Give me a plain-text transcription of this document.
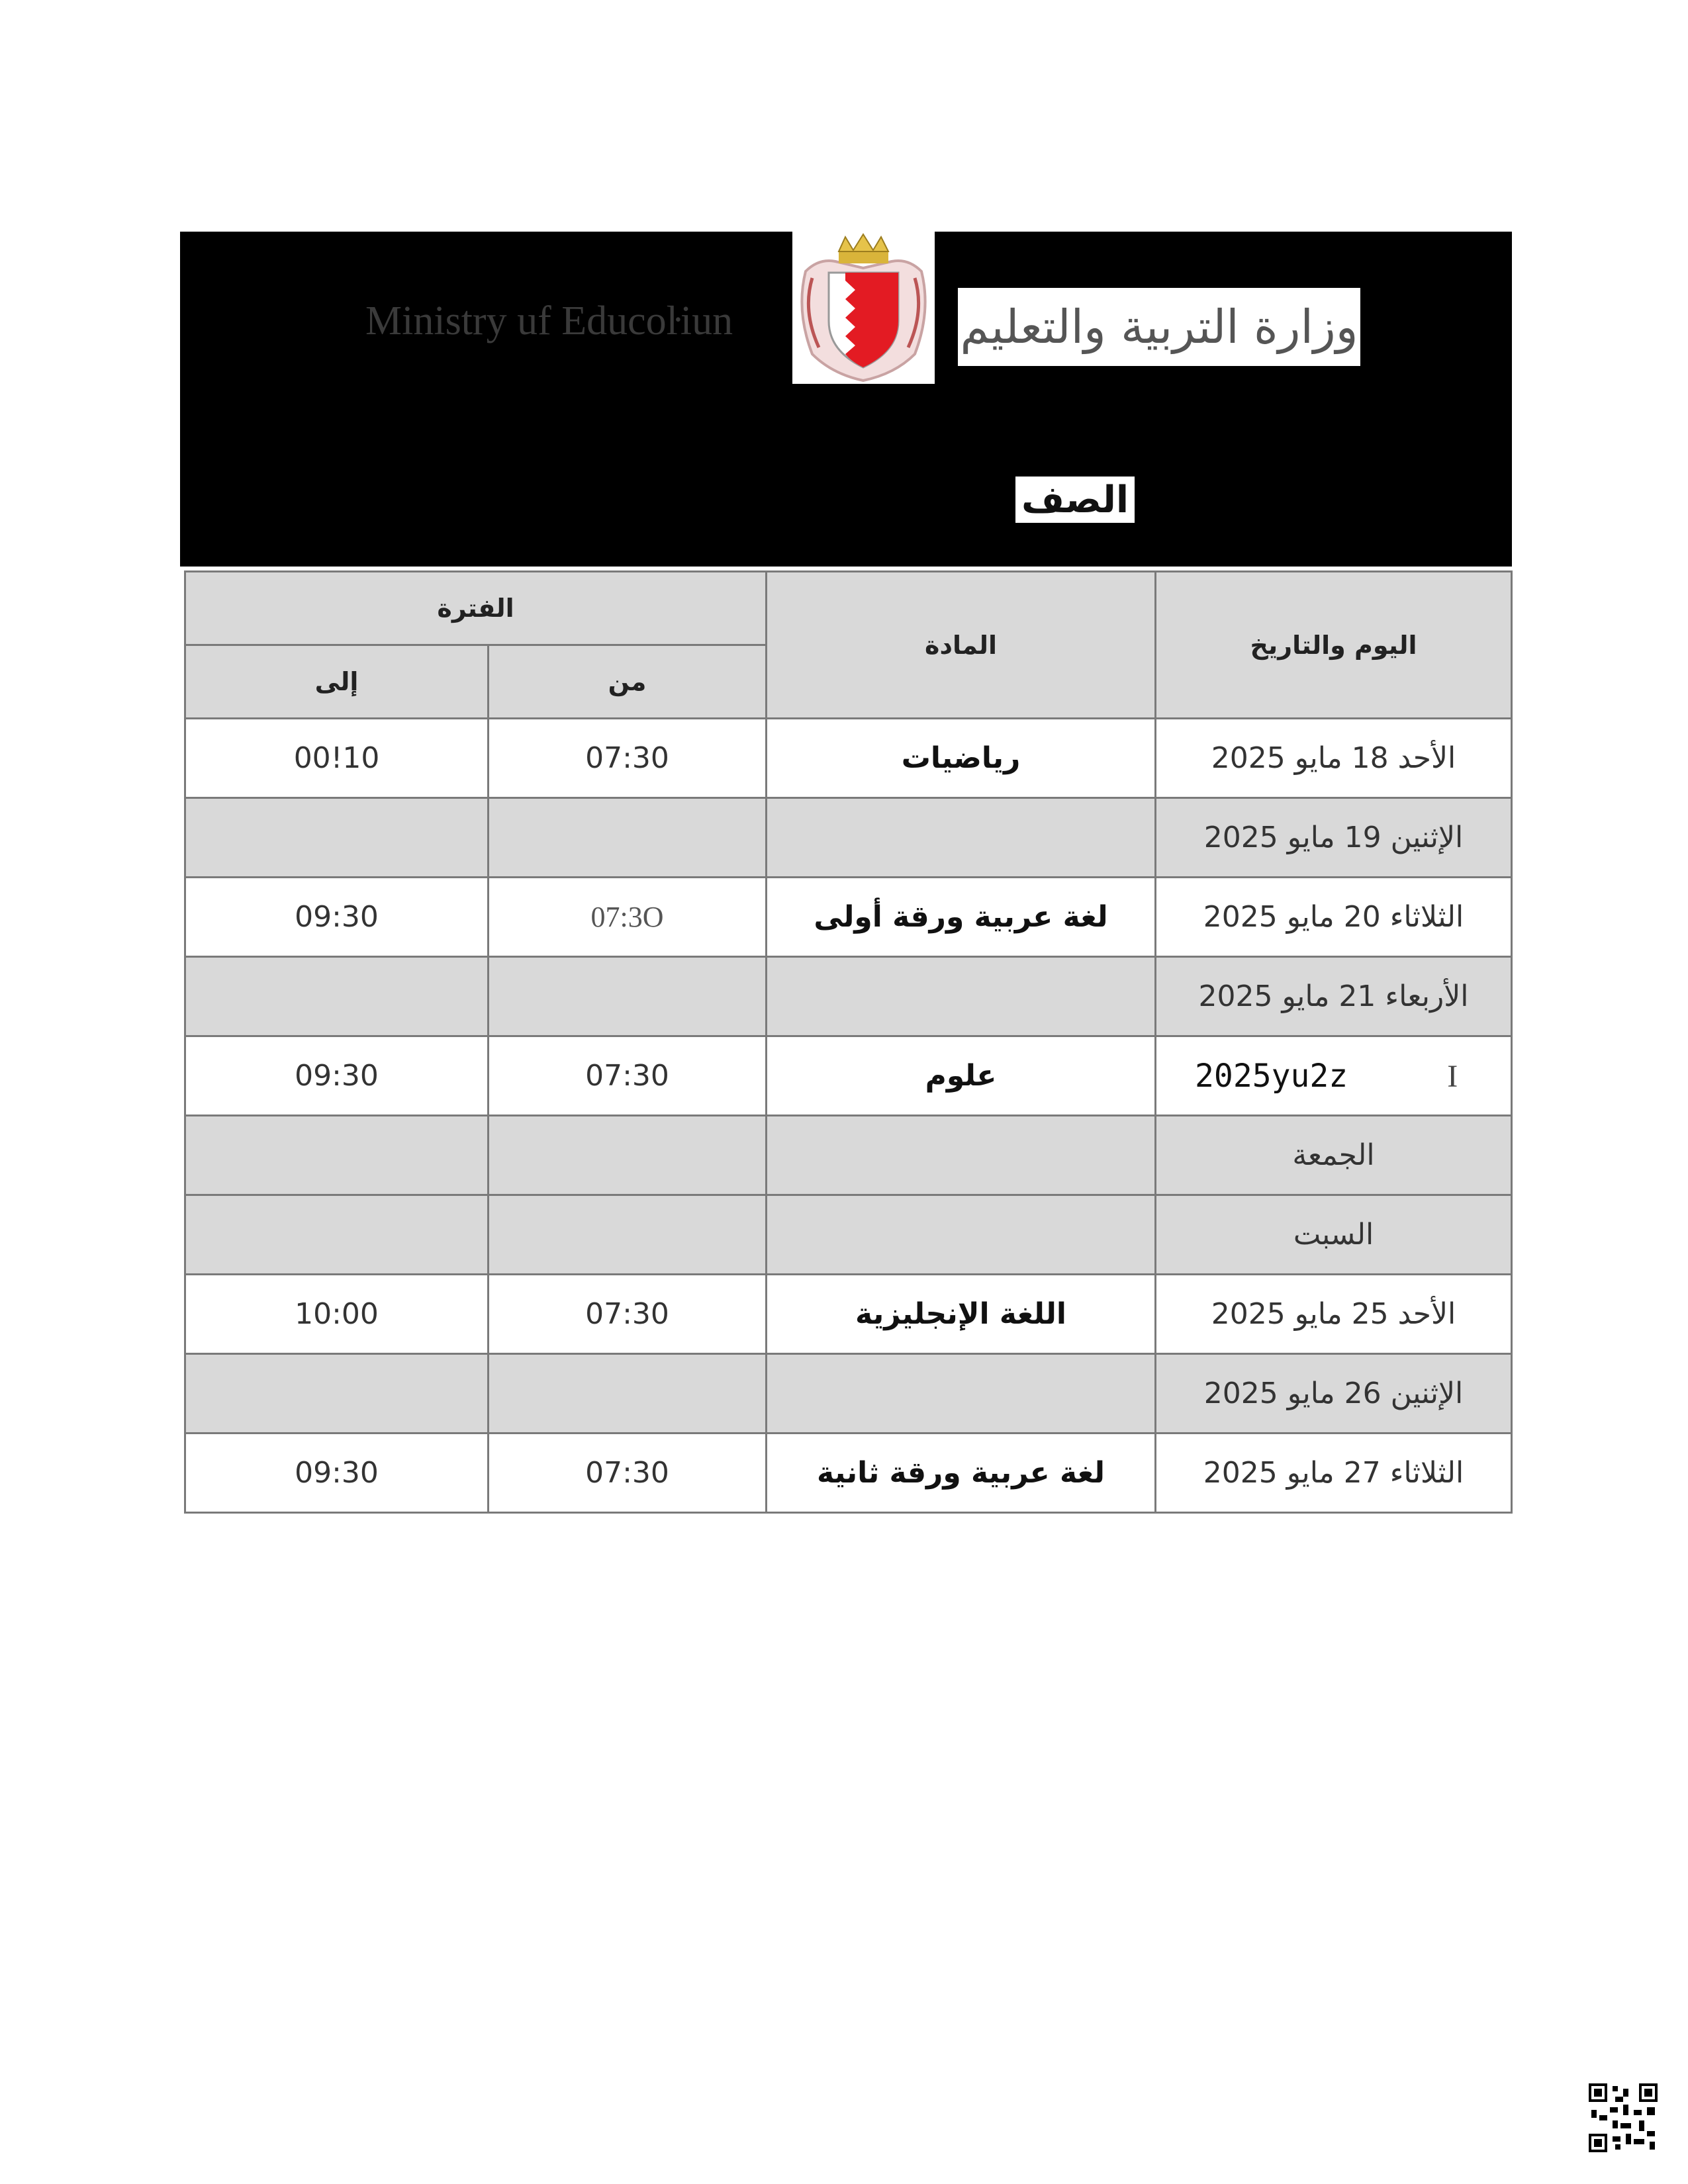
Ministry uf Educoŀiun	وزارة التربية والتعليم
الصف
اليوم والتاريخ	المادة	الفترة	
		من	إلى
الأحد 18 مايو 2025	رياضيات	07:30	10!00
الإثنين 19 مايو 2025			
الثلاثاء 20 مايو 2025	لغة عربية ورقة أولى	07:3O	09:30
الأربعاء 21 مايو 2025			
2025yu2z I	علوم	07:30	09:30
الجمعة			
السبت			
الأحد 25 مايو 2025	اللغة الإنجليزية	07:30	10:00
الإثنين 26 مايو 2025			
الثلاثاء 27 مايو 2025	لغة عربية ورقة ثانية	07:30	09:30
